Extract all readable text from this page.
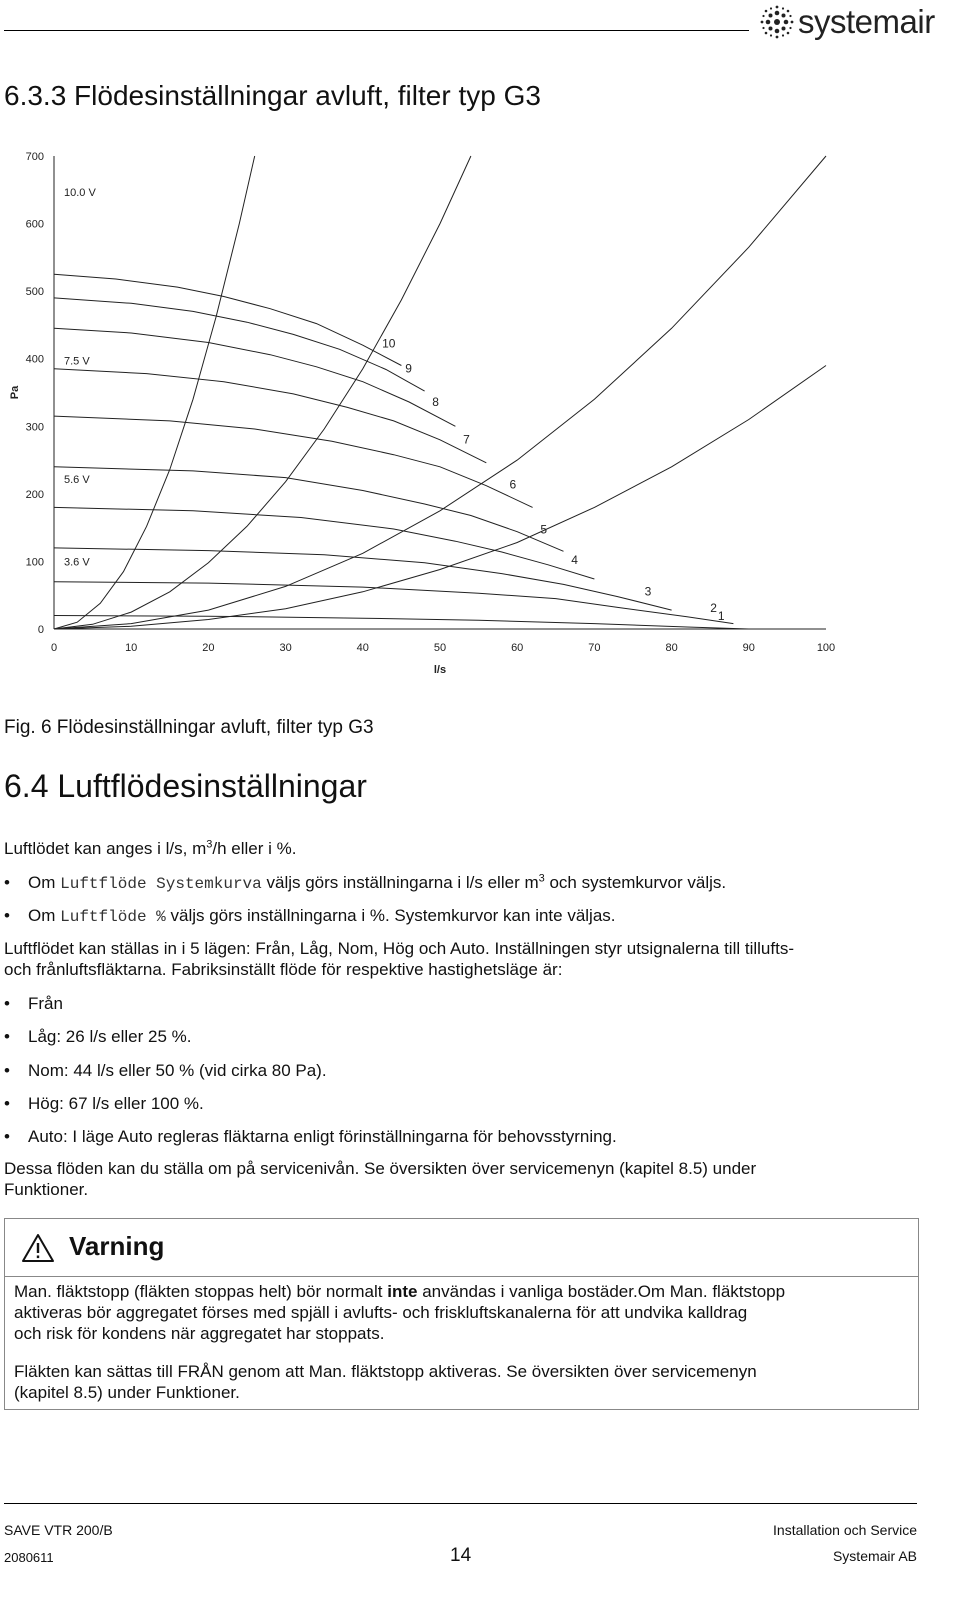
systemair
6.3.3 Flödesinställningar avluft, filter typ G3
0
100
200
300
400
500
600
700
0	10	20	30	40	50	60	70	80	90	100
l/s
Pa
1
2
3
4
5
6
7
8
9
10
10.0 V
7.5 V
5.6 V
3.6 V
Fig. 6 Flödesinställningar avluft, filter typ G3
6.4 Luftflödesinställningar
Luftlödet kan anges i l/s, $m^3/h$ eller i %.
• Om Luftflöde Systemkurva väljs görs inställningarna i l/s eller $m^3$ och systemkurvor väljs.
• Om Luftflöde % väljs görs inställningarna i %. Systemkurvor kan inte väljas.
Luftflödet kan ställas in i 5 lägen: Från, Låg, Nom, Hög och Auto. Inställningen styr utsignalerna till tillufts-
och frånluftsfläktarna. Fabriksinställt flöde för respektive hastighetsläge är:
• Från
• Låg: 26 l/s eller 25 %.
• Nom: 44 l/s eller 50 % (vid cirka 80 Pa).
• Hög: 67 l/s eller 100 %.
• Auto: I läge Auto regleras fläktarna enligt förinställningarna för behovsstyrning.
Dessa flöden kan du ställa om på servicenivån. Se översikten över servicemenyn (kapitel 8.5) under
Funktioner.
Varning
Man. fläktstopp (fläkten stoppas helt) bör normalt inte användas i vanliga bostäder.Om Man. fläktstopp
aktiveras bör aggregatet förses med spjäll i avlufts- och friskluftskanalerna för att undvika kalldrag
och risk för kondens när aggregatet har stoppats.
Fläkten kan sättas till FRÅN genom att Man. fläktstopp aktiveras. Se översikten över servicemenyn
(kapitel 8.5) under Funktioner.
SAVE VTR 200/B
2080611	14
Installation och Service
Systemair AB
